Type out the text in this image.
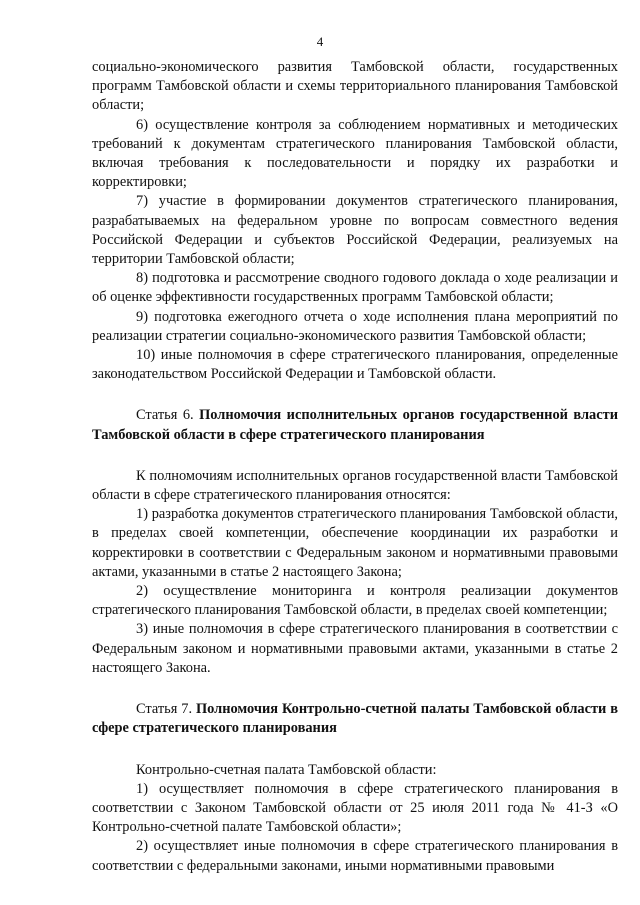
4

социально-экономического развития Тамбовской области, государственных программ Тамбовской области и схемы территориального планирования Тамбовской области;

6) осуществление контроля за соблюдением нормативных и методических требований к документам стратегического планирования Тамбовской области, включая требования к последовательности и порядку их разработки и корректировки;

7) участие в формировании документов стратегического планирования, разрабатываемых на федеральном уровне по вопросам совместного ведения Российской Федерации и субъектов Российской Федерации, реализуемых на территории Тамбовской области;

8) подготовка и рассмотрение сводного годового доклада о ходе реализации и об оценке эффективности государственных программ Тамбовской области;

9) подготовка ежегодного отчета о ходе исполнения плана мероприятий по реализации стратегии социально-экономического развития Тамбовской области;

10) иные полномочия в сфере стратегического планирования, определенные законодательством Российской Федерации и Тамбовской области.

Статья 6. Полномочия исполнительных органов государственной власти Тамбовской области в сфере стратегического планирования

К полномочиям исполнительных органов государственной власти Тамбовской области в сфере стратегического планирования относятся:

1) разработка документов стратегического планирования Тамбовской области, в пределах своей компетенции, обеспечение координации их разработки и корректировки в соответствии с Федеральным законом и нормативными правовыми актами, указанными в статье 2 настоящего Закона;

2) осуществление мониторинга и контроля реализации документов стратегического планирования Тамбовской области, в пределах своей компетенции;

3) иные полномочия в сфере стратегического планирования в соответствии с Федеральным законом и нормативными правовыми актами, указанными в статье 2 настоящего Закона.

Статья 7. Полномочия Контрольно-счетной палаты Тамбовской области в сфере стратегического планирования

Контрольно-счетная палата Тамбовской области:

1) осуществляет полномочия в сфере стратегического планирования в соответствии с Законом Тамбовской области от 25 июля 2011 года № 41-З «О Контрольно-счетной палате Тамбовской области»;

2) осуществляет иные полномочия в сфере стратегического планирования в соответствии с федеральными законами, иными нормативными правовыми
